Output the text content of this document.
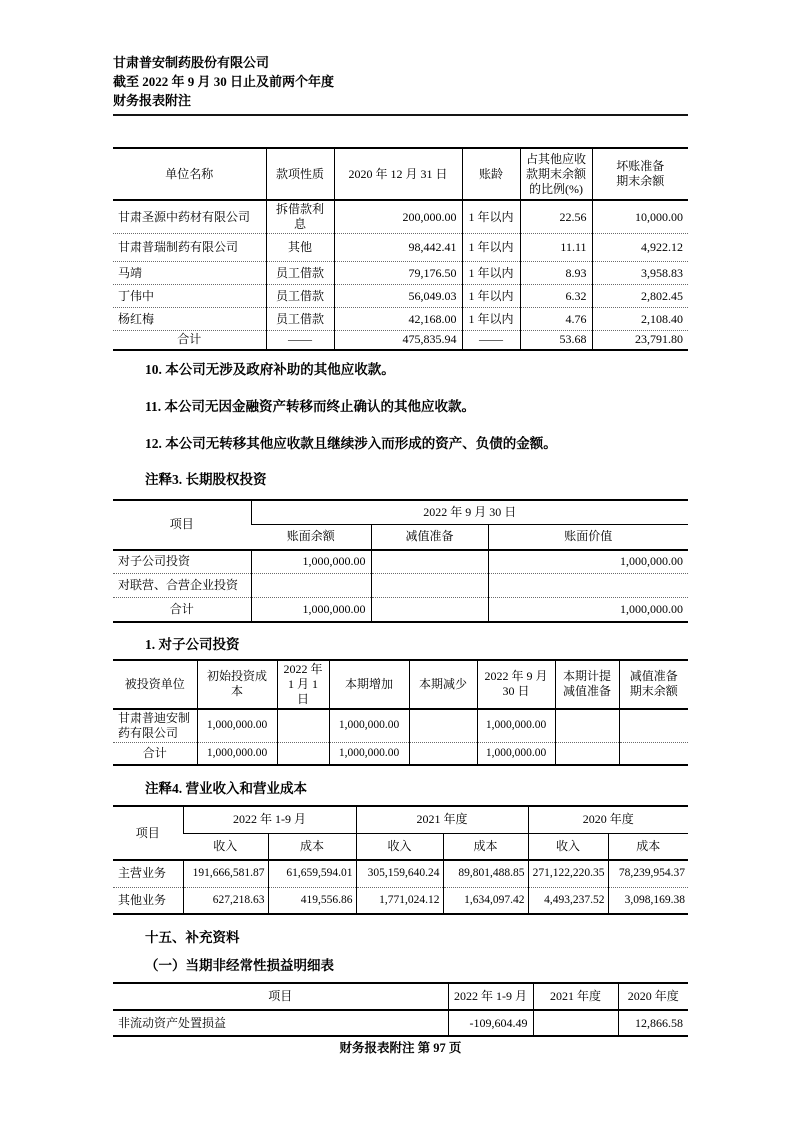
甘肃普安制药股份有限公司

截至 2022 年 9 月 30 日止及前两个年度

财务报表附注

单位名称	款项性质	2020 年 12 月 31 日	账龄	占其他应收款期末余额的比例(%)	坏账准备期末余额
甘肃圣源中药材有限公司	拆借款利息	200,000.00	1 年以内	22.56	10,000.00
甘肃普瑞制药有限公司	其他	98,442.41	1 年以内	11.11	4,922.12
马靖	员工借款	79,176.50	1 年以内	8.93	3,958.83
丁伟中	员工借款	56,049.03	1 年以内	6.32	2,802.45
杨红梅	员工借款	42,168.00	1 年以内	4.76	2,108.40
合计	——	475,835.94	——	53.68	23,791.80

10. 本公司无涉及政府补助的其他应收款。

11. 本公司无因金融资产转移而终止确认的其他应收款。

12. 本公司无转移其他应收款且继续涉入而形成的资产、负债的金额。

注释3. 长期股权投资

项目	2022 年 9 月 30 日		
	账面余额	减值准备	账面价值
对子公司投资	1,000,000.00		1,000,000.00
对联营、合营企业投资			
合计	1,000,000.00		1,000,000.00

1. 对子公司投资

被投资单位	初始投资成本	2022 年 1 月 1 日	本期增加	本期减少	2022 年 9 月 30 日	本期计提减值准备	减值准备期末余额
甘肃普迪安制药有限公司	1,000,000.00		1,000,000.00		1,000,000.00		
合计	1,000,000.00		1,000,000.00		1,000,000.00		

注释4. 营业收入和营业成本

项目	2022 年 1-9 月		2021 年度		2020 年度	
	收入	成本	收入	成本	收入	成本
主营业务	191,666,581.87	61,659,594.01	305,159,640.24	89,801,488.85	271,122,220.35	78,239,954.37
其他业务	627,218.63	419,556.86	1,771,024.12	1,634,097.42	4,493,237.52	3,098,169.38

十五、补充资料

（一）当期非经常性损益明细表

项目	2022 年 1-9 月	2021 年度	2020 年度
非流动资产处置损益	-109,604.49		12,866.58
财务报表附注 第 97 页
